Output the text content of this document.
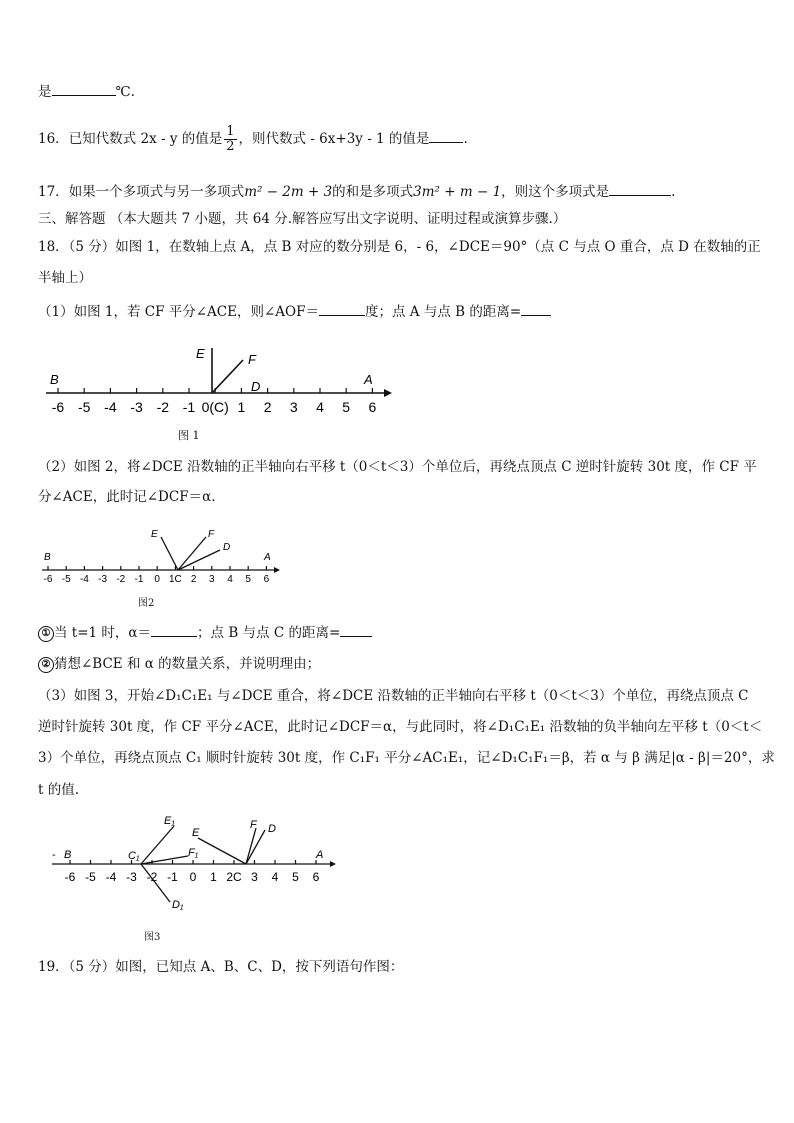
是	℃.
16．已知代数式 2x - y 的值是 $\frac{1}{2}$ ，则代数式 - 6x+3y - 1 的值是	.
17．如果一个多项式与另一多项式m² − 2m + 3的和是多项式3m² + m − 1，则这个多项式是	.
三、解答题 （本大题共 7 小题，共 64 分.解答应写出文字说明、证明过程或演算步骤.）
18．（5 分）如图 1，在数轴上点 A，点 B 对应的数分别是 6，- 6，∠DCE＝90°（点 C 与点 O 重合，点 D 在数轴的正
半轴上）
（1）如图 1，若 CF 平分∠ACE，则∠AOF＝	度；点 A 与点 B 的距离=
-6 -5 -4 -3 -2 -1 0(C) 1 2 3 4 5 6
E	F
D
B	A
图 1
（2）如图 2，将∠DCE 沿数轴的正半轴向右平移 t（0＜t＜3）个单位后，再绕点顶点 C 逆时针旋转 30t 度，作 CF 平
分∠ACE，此时记∠DCF＝α.
-6 -5 -4 -3 -2 -1 0 1C 2 3 4 5 6
E	F
D
B	A
图2
① 当 t=1 时，α＝	；点 B 与点 C 的距离=
② 猜想∠BCE 和 α 的数量关系，并说明理由；
（3）如图 3，开始∠D₁C₁E₁ 与∠DCE 重合，将∠DCE 沿数轴的正半轴向右平移 t（0＜t＜3）个单位，再绕点顶点 C
逆时针旋转 30t 度，作 CF 平分∠ACE，此时记∠DCF＝α，与此同时，将∠D₁C₁E₁ 沿数轴的负半轴向左平移 t（0＜t＜
3）个单位，再绕点顶点 C₁ 顺时针旋转 30t 度，作 C₁F₁ 平分∠AC₁E₁，记∠D₁C₁F₁＝β，若 α 与 β 满足|α - β|＝20°，求
t 的值.
-6 -5 -4 -3 -2 -1 0 1 2C 3 4 5 6
E₁
F₁
D₁
C₁
E
F D
- B	A
图3
19．（5 分）如图，已知点 A、B、C、D，按下列语句作图：
